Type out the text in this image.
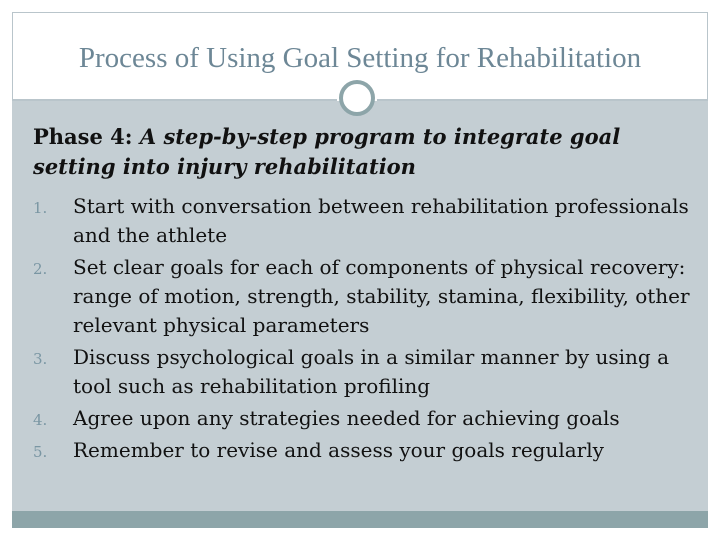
Process of Using Goal Setting for Rehabilitation

Phase 4: A step-by-step program to integrate goal setting into injury rehabilitation

1. Start with conversation between rehabilitation professionals and the athlete
2. Set clear goals for each of components of physical recovery: range of motion, strength, stability, stamina, flexibility, other relevant physical parameters
3. Discuss psychological goals in a similar manner by using a tool such as rehabilitation profiling
4. Agree upon any strategies needed for achieving goals
5. Remember to revise and assess your goals regularly
